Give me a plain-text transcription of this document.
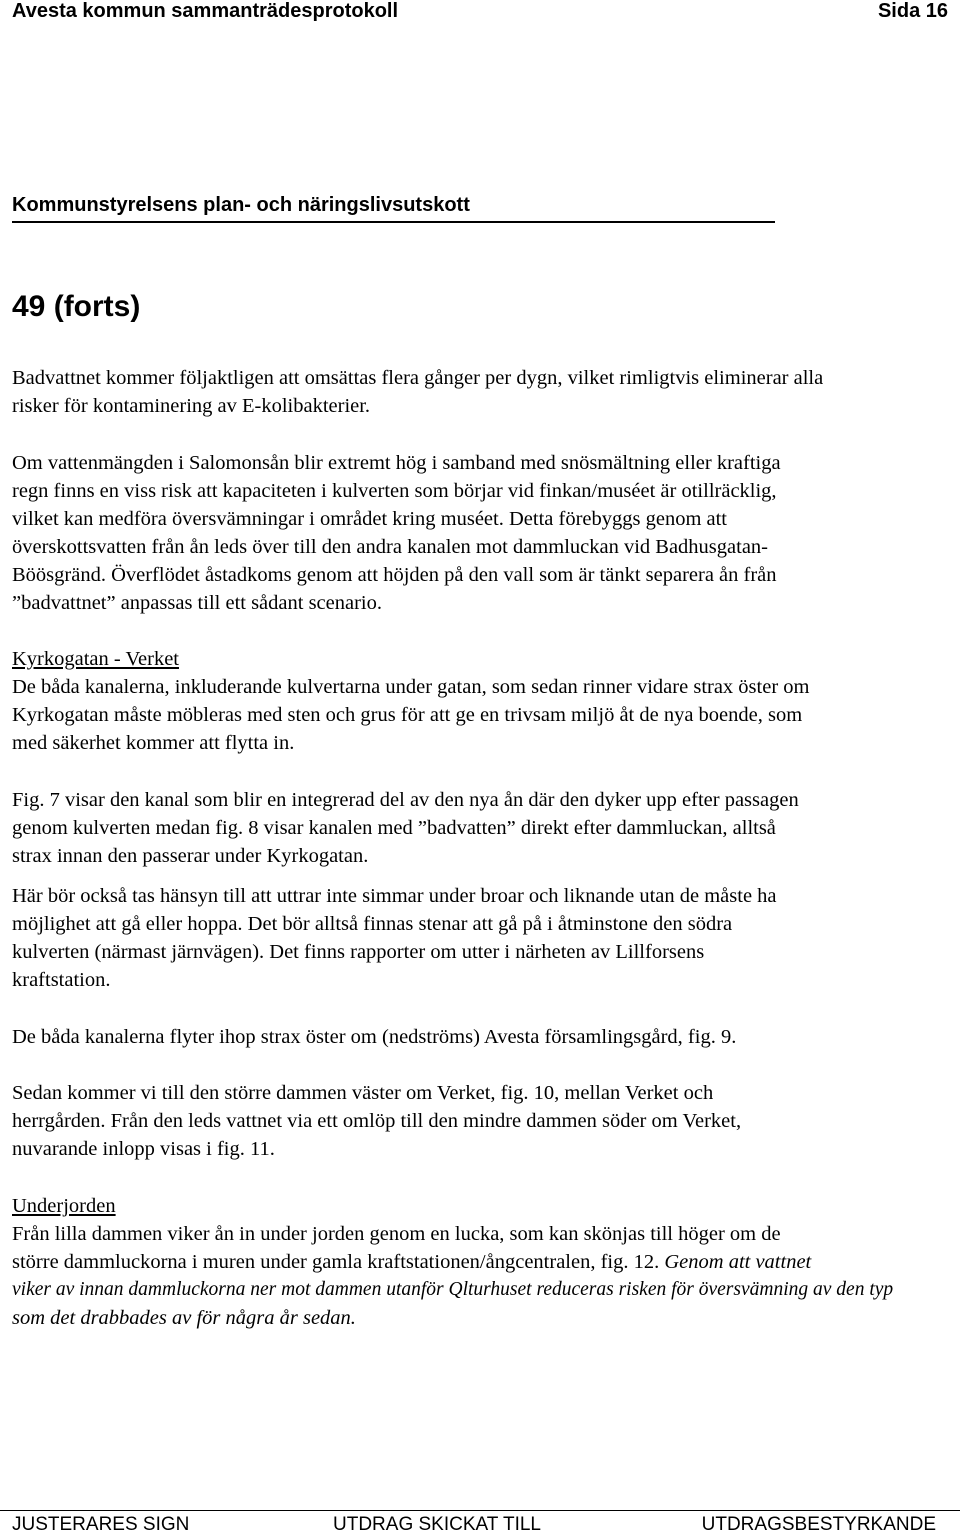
Avesta kommun sammanträdesprotokoll	Sida 16
Kommunstyrelsens plan- och näringslivsutskott
49 (forts)
Badvattnet kommer följaktligen att omsättas flera gånger per dygn, vilket rimligtvis eliminerar alla
risker för kontaminering av E-kolibakterier.
Om vattenmängden i Salomonsån blir extremt hög i samband med snösmältning eller kraftiga
regn finns en viss risk att kapaciteten i kulverten som börjar vid finkan/muséet är otillräcklig,
vilket kan medföra översvämningar i området kring muséet. Detta förebyggs genom att
överskottsvatten från ån leds över till den andra kanalen mot dammluckan vid Badhusgatan-
Böösgränd. Överflödet åstadkoms genom att höjden på den vall som är tänkt separera ån från
”badvattnet” anpassas till ett sådant scenario.
Kyrkogatan - Verket
De båda kanalerna, inkluderande kulvertarna under gatan, som sedan rinner vidare strax öster om
Kyrkogatan måste möbleras med sten och grus för att ge en trivsam miljö åt de nya boende, som
med säkerhet kommer att flytta in.
Fig. 7 visar den kanal som blir en integrerad del av den nya ån där den dyker upp efter passagen
genom kulverten medan fig. 8 visar kanalen med ”badvatten” direkt efter dammluckan, alltså
strax innan den passerar under Kyrkogatan.
Här bör också tas hänsyn till att uttrar inte simmar under broar och liknande utan de måste ha
möjlighet att gå eller hoppa. Det bör alltså finnas stenar att gå på i åtminstone den södra
kulverten (närmast järnvägen). Det finns rapporter om utter i närheten av Lillforsens
kraftstation.
De båda kanalerna flyter ihop strax öster om (nedströms) Avesta församlingsgård, fig. 9.
Sedan kommer vi till den större dammen väster om Verket, fig. 10, mellan Verket och
herrgården. Från den leds vattnet via ett omlöp till den mindre dammen söder om Verket,
nuvarande inlopp visas i fig. 11.
Underjorden
Från lilla dammen viker ån in under jorden genom en lucka, som kan skönjas till höger om de
större dammluckorna i muren under gamla kraftstationen/ångcentralen, fig. 12. Genom att vattnet
viker av innan dammluckorna ner mot dammen utanför Qlturhuset reduceras risken för översvämning av den typ
som det drabbades av för några år sedan.
JUSTERARES SIGN	UTDRAG SKICKAT TILL	UTDRAGSBESTYRKANDE
